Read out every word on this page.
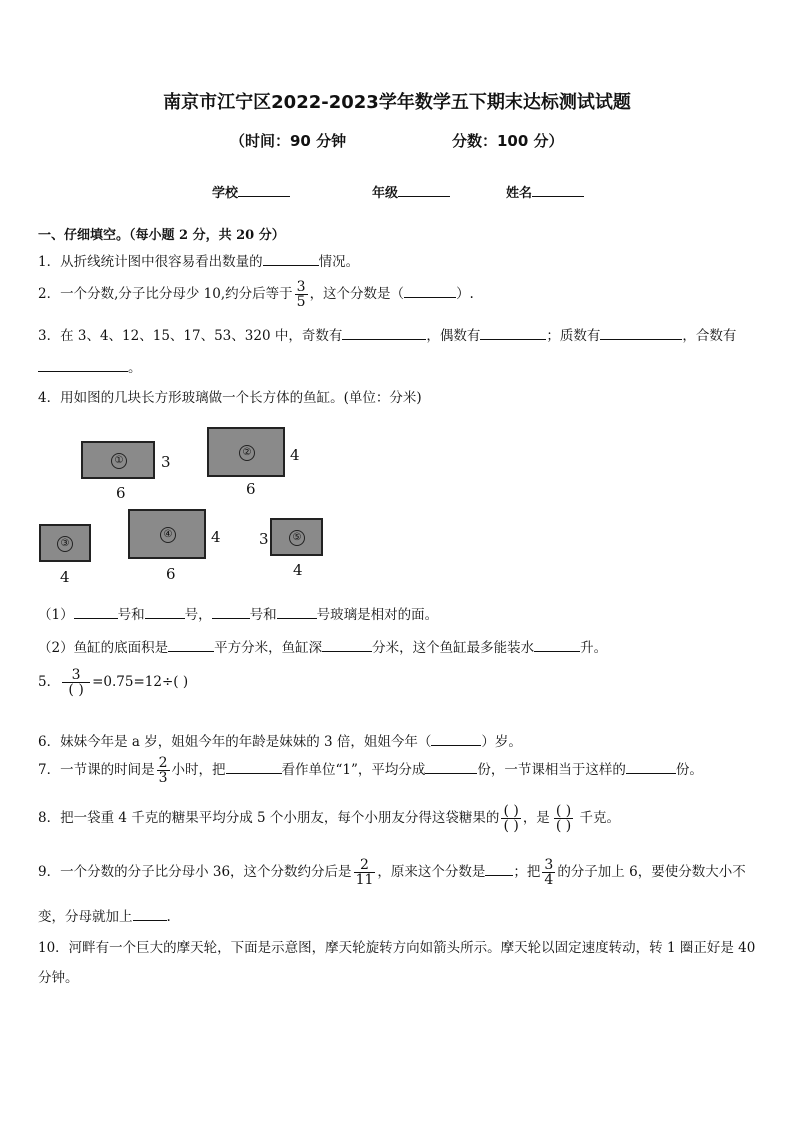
南京市江宁区2022-2023学年数学五下期末达标测试试题
（时间：90 分钟	分数：100 分）
学校	年级	姓名
一、仔细填空。（每小题 2 分，共 20 分）
1．从折线统计图中很容易看出数量的	情况。
2．一个分数,分子比分母少 10,约分后等于 $\frac{3}{5}$ ，这个分数是（	）.
3．在 3、4、12、15、17、53、320 中，奇数有	，偶数有	；质数有	，合数有
。
4．用如图的几块长方形玻璃做一个长方体的鱼缸。(单位：分米)
①	3
6
②	4
6
③
4
④	4
6
⑤
3
4
（1）	号和	号，	号和	号玻璃是相对的面。
（2）鱼缸的底面积是	平方分米，鱼缸深	分米，这个鱼缸最多能装水	升。
5． $\frac{3}{( )} =0.75=12\div$( )
6．妹妹今年是 a 岁，姐姐今年的年龄是妹妹的 3 倍，姐姐今年（	）岁。
7．一节课的时间是 $\frac{2}{3}$ 小时，把	看作单位“1”，平均分成	份，一节课相当于这样的	份。
8．把一袋重 4 千克的糖果平均分成 5 个小朋友，每个小朋友分得这袋糖果的 $\frac{( )}{( )}$ ，是 $\frac{( )}{( )}$ 千克。
9．一个分数的分子比分母小 36，这个分数约分后是 $\frac{2}{11}$ ，原来这个分数是 ；把 $\frac{3}{4}$ 的分子加上 6，要使分数大小不
变，分母就加上	.
10．河畔有一个巨大的摩天轮，下面是示意图，摩天轮旋转方向如箭头所示。摩天轮以固定速度转动，转 1 圈正好是 40
分钟。
